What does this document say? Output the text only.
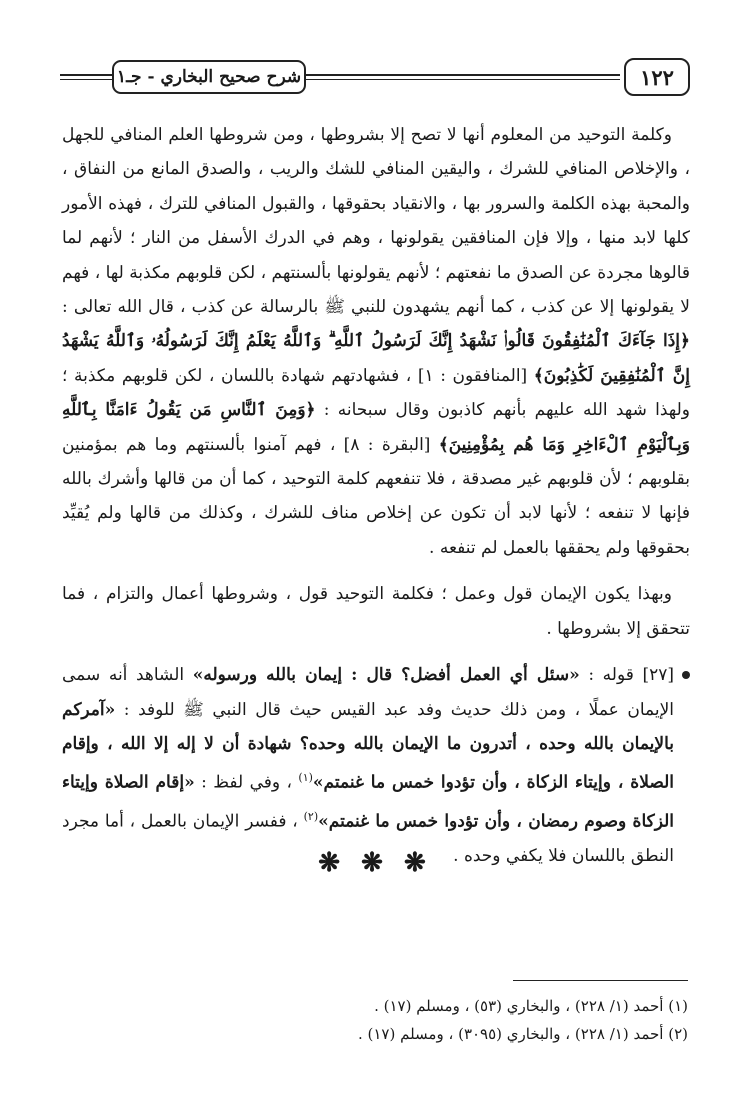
شرح صحيح البخاري - جـ١	١٢٢

وكلمة التوحيد من المعلوم أنها لا تصح إلا بشروطها ، ومن شروطها العلم المنافي للجهل ، والإخلاص المنافي للشرك ، واليقين المنافي للشك والريب ، والصدق المانع من النفاق ، والمحبة بهذه الكلمة والسرور بها ، والانقياد بحقوقها ، والقبول المنافي للترك ، فهذه الأمور كلها لابد منها ، وإلا فإن المنافقين يقولونها ، وهم في الدرك الأسفل من النار ؛ لأنهم لما قالوها مجردة عن الصدق ما نفعتهم ؛ لأنهم يقولونها بألسنتهم ، لكن قلوبهم مكذبة لها ، فهم لا يقولونها إلا عن كذب ، كما أنهم يشهدون للنبي ﷺ بالرسالة عن كذب ، قال الله تعالى : ﴿إِذَا جَآءَكَ ٱلْمُنَٰفِقُونَ قَالُوا۟ نَشْهَدُ إِنَّكَ لَرَسُولُ ٱللَّهِ ۗ وَٱللَّهُ يَعْلَمُ إِنَّكَ لَرَسُولُهُۥ وَٱللَّهُ يَشْهَدُ إِنَّ ٱلْمُنَٰفِقِينَ لَكَٰذِبُونَ﴾ [المنافقون : ١] ، فشهادتهم شهادة باللسان ، لكن قلوبهم مكذبة ؛ ولهذا شهد الله عليهم بأنهم كاذبون وقال سبحانه : ﴿وَمِنَ ٱلنَّاسِ مَن يَقُولُ ءَامَنَّا بِٱللَّهِ وَبِٱلْيَوْمِ ٱلْءَاخِرِ وَمَا هُم بِمُؤْمِنِينَ﴾ [البقرة : ٨] ، فهم آمنوا بألسنتهم وما هم بمؤمنين بقلوبهم ؛ لأن قلوبهم غير مصدقة ، فلا تنفعهم كلمة التوحيد ، كما أن من قالها وأشرك بالله فإنها لا تنفعه ؛ لأنها لابد أن تكون عن إخلاص مناف للشرك ، وكذلك من قالها ولم يُقيِّد بحقوقها ولم يحققها بالعمل لم تنفعه .

وبهذا يكون الإيمان قول وعمل ؛ فكلمة التوحيد قول ، وشروطها أعمال والتزام ، فما تتحقق إلا بشروطها .

[٢٧] قوله : «سئل أي العمل أفضل؟ قال : إيمان بالله ورسوله» الشاهد أنه سمى الإيمان عملًا ، ومن ذلك حديث وفد عبد القيس حيث قال النبي ﷺ للوفد : «آمركم بالإيمان بالله وحده ، أتدرون ما الإيمان بالله وحده؟ شهادة أن لا إله إلا الله ، وإقام الصلاة ، وإيتاء الزكاة ، وأن تؤدوا خمس ما غنمتم»$^{(١)}$ ، وفي لفظ : «إقام الصلاة وإيتاء الزكاة وصوم رمضان ، وأن تؤدوا خمس ما غنمتم»$^{(٢)}$ ، ففسر الإيمان بالعمل ، أما مجرد النطق باللسان فلا يكفي وحده .

❋ ❋ ❋

(١) أحمد (١/ ٢٢٨) ، والبخاري (٥٣) ، ومسلم (١٧) .

(٢) أحمد (١/ ٢٢٨) ، والبخاري (٣٠٩٥) ، ومسلم (١٧) .
